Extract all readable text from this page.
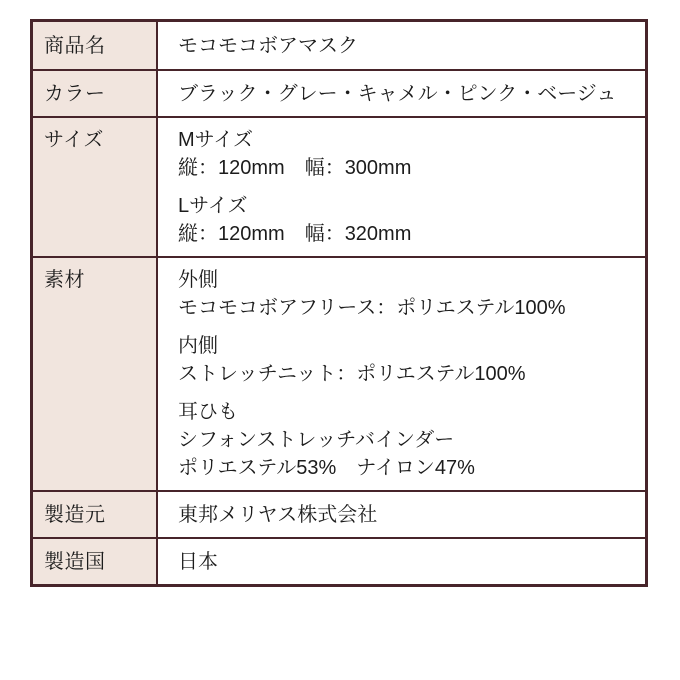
商品名	モコモコボアマスク
カラー	ブラック・グレー・キャメル・ピンク・ベージュ
サイズ	Mサイズ
縦：120mm　幅：300mm
Lサイズ
縦：120mm　幅：320mm
素材	外側
モコモコボアフリース：ポリエステル100%
内側
ストレッチニット：ポリエステル100%
耳ひも
シフォンストレッチバインダー
ポリエステル53%　ナイロン47%
製造元	東邦メリヤス株式会社
製造国	日本
